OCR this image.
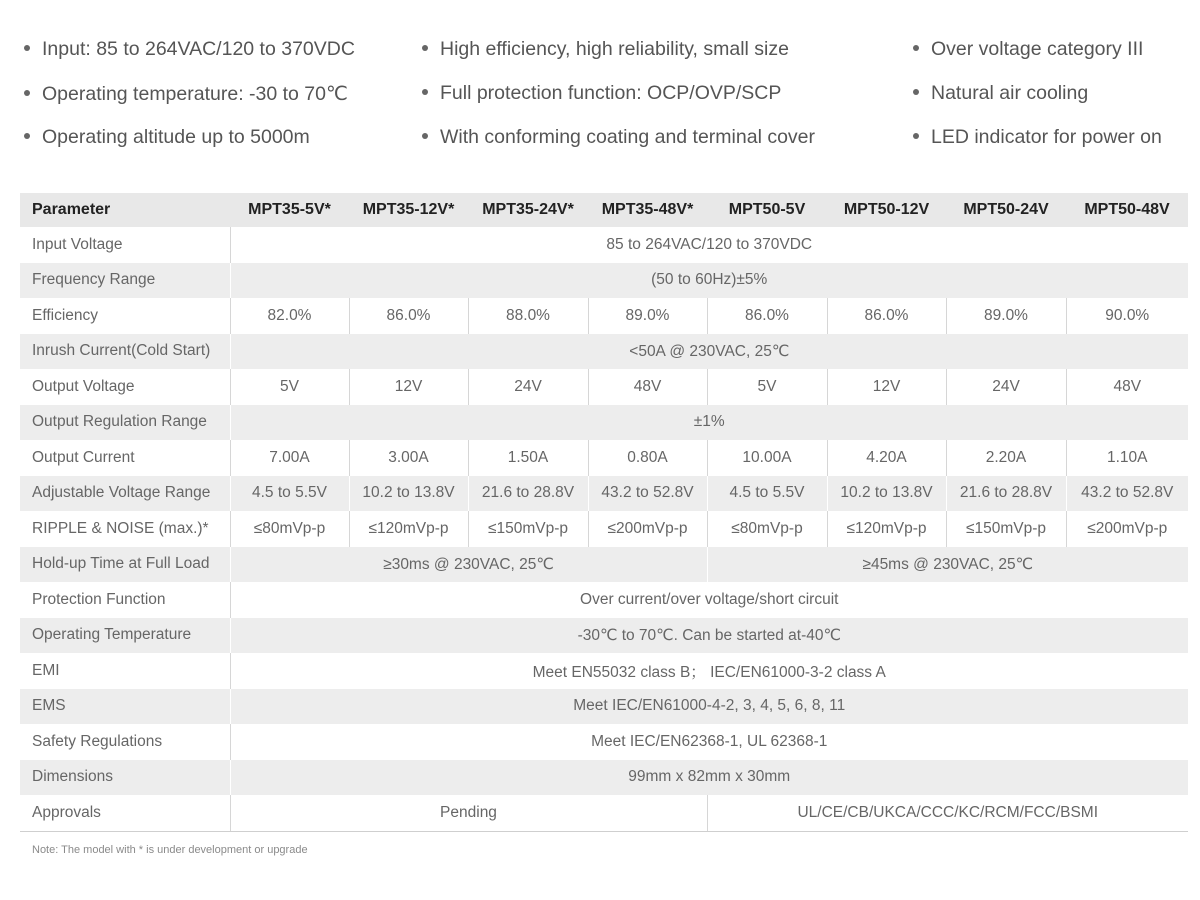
Input: 85 to 264VAC/120 to 370VDC
Operating temperature: -30 to 70℃
Operating altitude up to 5000m
High efficiency, high reliability, small size
Full protection function: OCP/OVP/SCP
With conforming coating and terminal cover
Over voltage category III
Natural air cooling
LED indicator for power on
Parameter	MPT35-5V*	MPT35-12V*	MPT35-24V*	MPT35-48V*	MPT50-5V	MPT50-12V	MPT50-24V	MPT50-48V
Input Voltage	85 to 264VAC/120 to 370VDC							
Frequency Range	(50 to 60Hz)±5%							
Efficiency	82.0%	86.0%	88.0%	89.0%	86.0%	86.0%	89.0%	90.0%
Inrush Current(Cold Start)	<50A @ 230VAC, 25℃							
Output Voltage	5V	12V	24V	48V	5V	12V	24V	48V
Output Regulation Range	±1%							
Output Current	7.00A	3.00A	1.50A	0.80A	10.00A	4.20A	2.20A	1.10A
Adjustable Voltage Range	4.5 to 5.5V	10.2 to 13.8V	21.6 to 28.8V	43.2 to 52.8V	4.5 to 5.5V	10.2 to 13.8V	21.6 to 28.8V	43.2 to 52.8V
RIPPLE & NOISE (max.)*	≤80mVp-p	≤120mVp-p	≤150mVp-p	≤200mVp-p	≤80mVp-p	≤120mVp-p	≤150mVp-p	≤200mVp-p
Hold-up Time at Full Load	≥30ms @ 230VAC, 25℃				≥45ms @ 230VAC, 25℃			
Protection Function	Over current/over voltage/short circuit							
Operating Temperature	-30℃ to 70℃. Can be started at-40℃							
EMI	Meet EN55032 class B； IEC/EN61000-3-2 class A							
EMS	Meet IEC/EN61000-4-2, 3, 4, 5, 6, 8, 11							
Safety Regulations	Meet IEC/EN62368-1, UL 62368-1							
Dimensions	99mm x 82mm x 30mm							
Approvals	Pending				UL/CE/CB/UKCA/CCC/KC/RCM/FCC/BSMI			
Note: The model with * is under development or upgrade
